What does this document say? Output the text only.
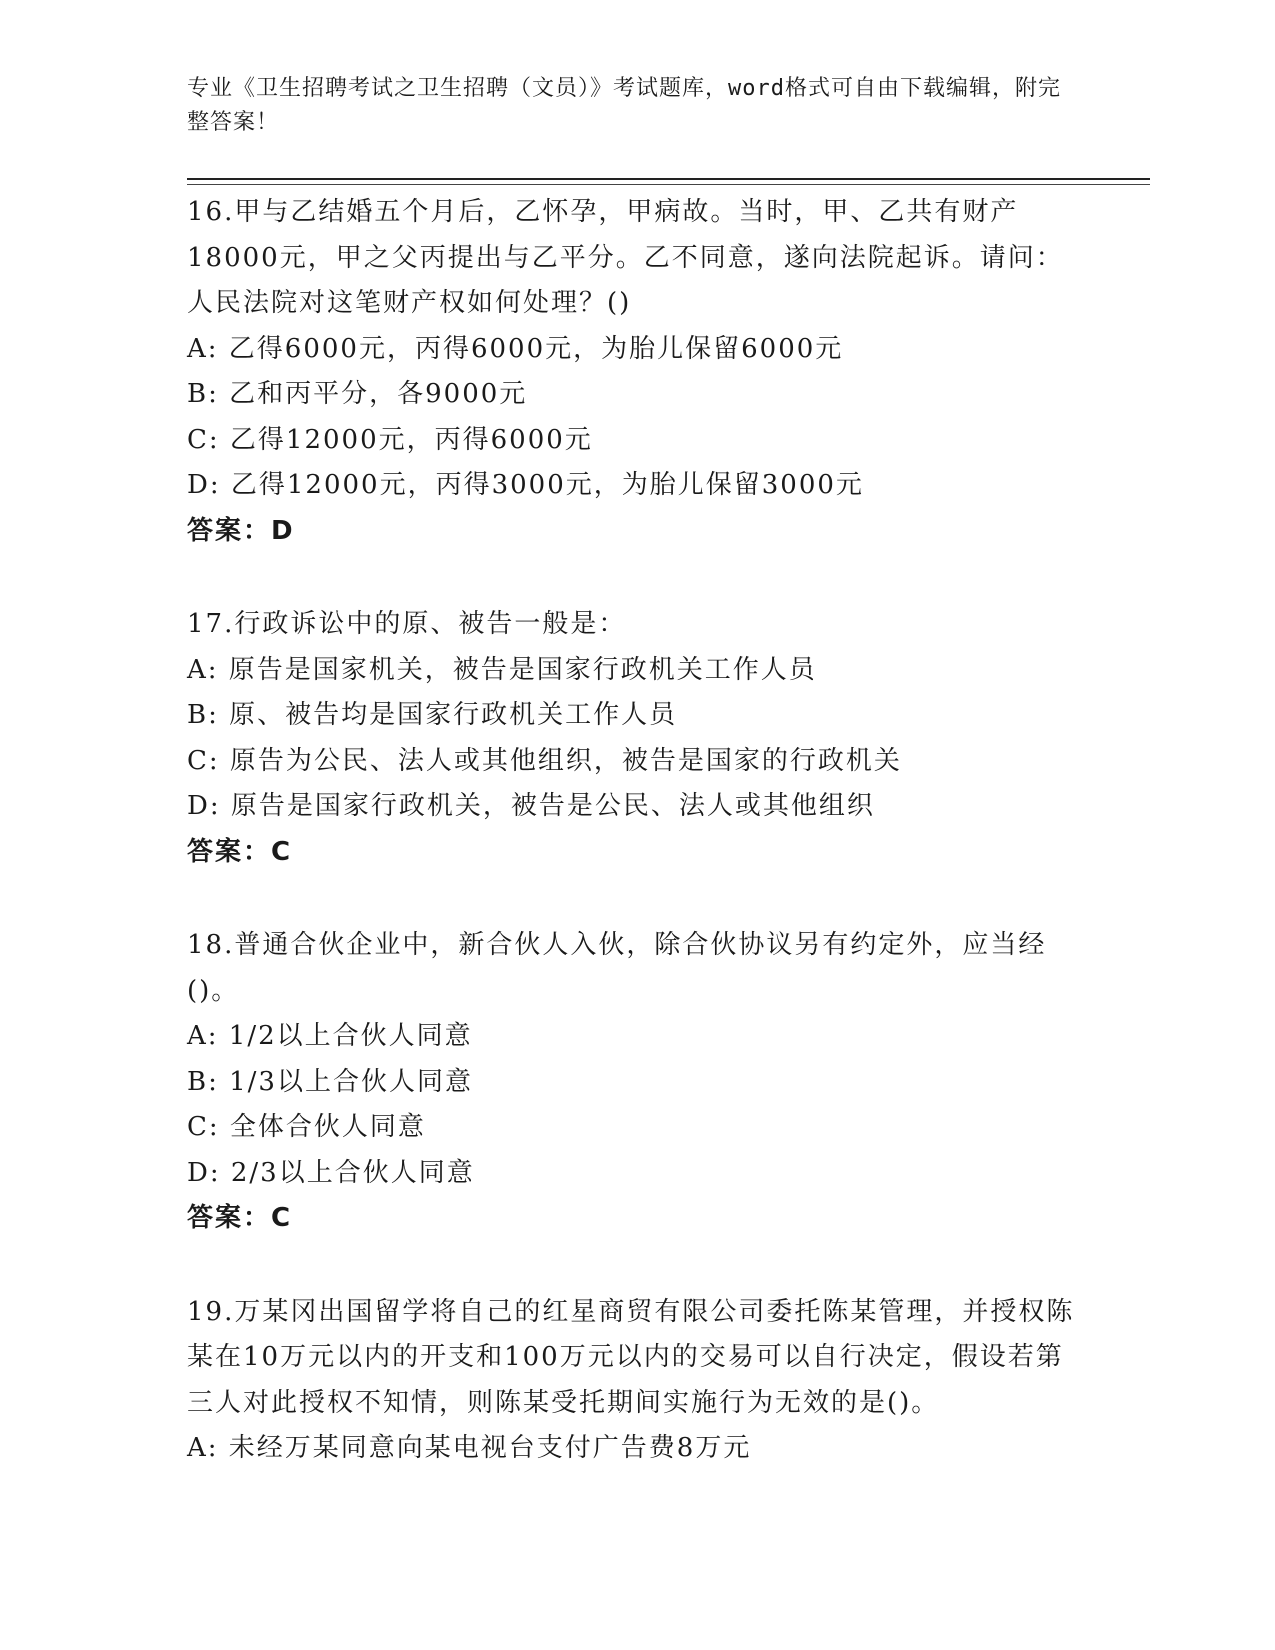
专业《卫生招聘考试之卫生招聘（文员）》考试题库，word格式可自由下载编辑，附完整答案！
16.甲与乙结婚五个月后，乙怀孕，甲病故。当时，甲、乙共有财产18000元，甲之父丙提出与乙平分。乙不同意，遂向法院起诉。请问：人民法院对这笔财产权如何处理？()
A: 乙得6000元，丙得6000元，为胎儿保留6000元
B: 乙和丙平分，各9000元
C: 乙得12000元，丙得6000元
D: 乙得12000元，丙得3000元，为胎儿保留3000元
答案：D
17.行政诉讼中的原、被告一般是：
A: 原告是国家机关，被告是国家行政机关工作人员
B: 原、被告均是国家行政机关工作人员
C: 原告为公民、法人或其他组织，被告是国家的行政机关
D: 原告是国家行政机关，被告是公民、法人或其他组织
答案：C
18.普通合伙企业中，新合伙人入伙，除合伙协议另有约定外，应当经()。
A: 1/2以上合伙人同意
B: 1/3以上合伙人同意
C: 全体合伙人同意
D: 2/3以上合伙人同意
答案：C
19.万某冈出国留学将自己的红星商贸有限公司委托陈某管理，并授权陈某在10万元以内的开支和100万元以内的交易可以自行决定，假设若第三人对此授权不知情，则陈某受托期间实施行为无效的是()。
A: 未经万某同意向某电视台支付广告费8万元
